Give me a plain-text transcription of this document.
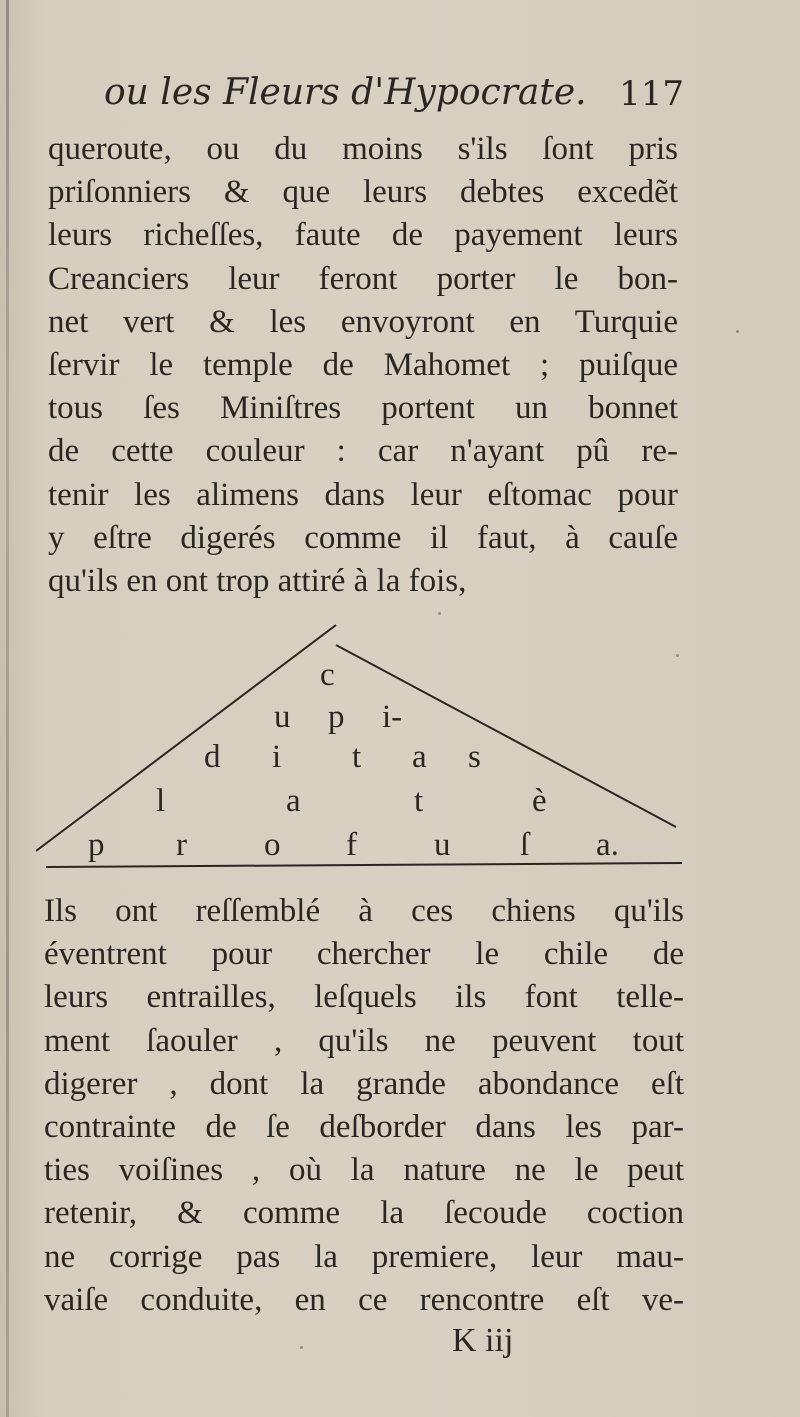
ou les Fleurs d'Hypocrate. 117
queroute, ou du moins s'ils ſont pris
priſonniers & que leurs debtes excedẽt
leurs richeſſes, faute de payement leurs
Creanciers leur feront porter le bon-
net vert & les envoyront en Turquie
ſervir le temple de Mahomet ; puiſque
tous ſes Miniſtres portent un bonnet
de cette couleur : car n'ayant pû re-
tenir les alimens dans leur eſtomac pour
y eſtre digerés comme il faut, à cauſe
qu'ils en ont trop attiré à la fois,
c
u p i-
d i t a s
l	a	t	è
p r o f u ſ a.
Ils ont reſſemblé à ces chiens qu'ils
éventrent pour chercher le chile de
leurs entrailles, leſquels ils font telle-
ment ſaouler , qu'ils ne peuvent tout
digerer , dont la grande abondance eſt
contrainte de ſe deſborder dans les par-
ties voiſines , où la nature ne le peut
retenir, & comme la ſecoude coction
ne corrige pas la premiere, leur mau-
vaiſe conduite, en ce rencontre eſt ve-
K iij
